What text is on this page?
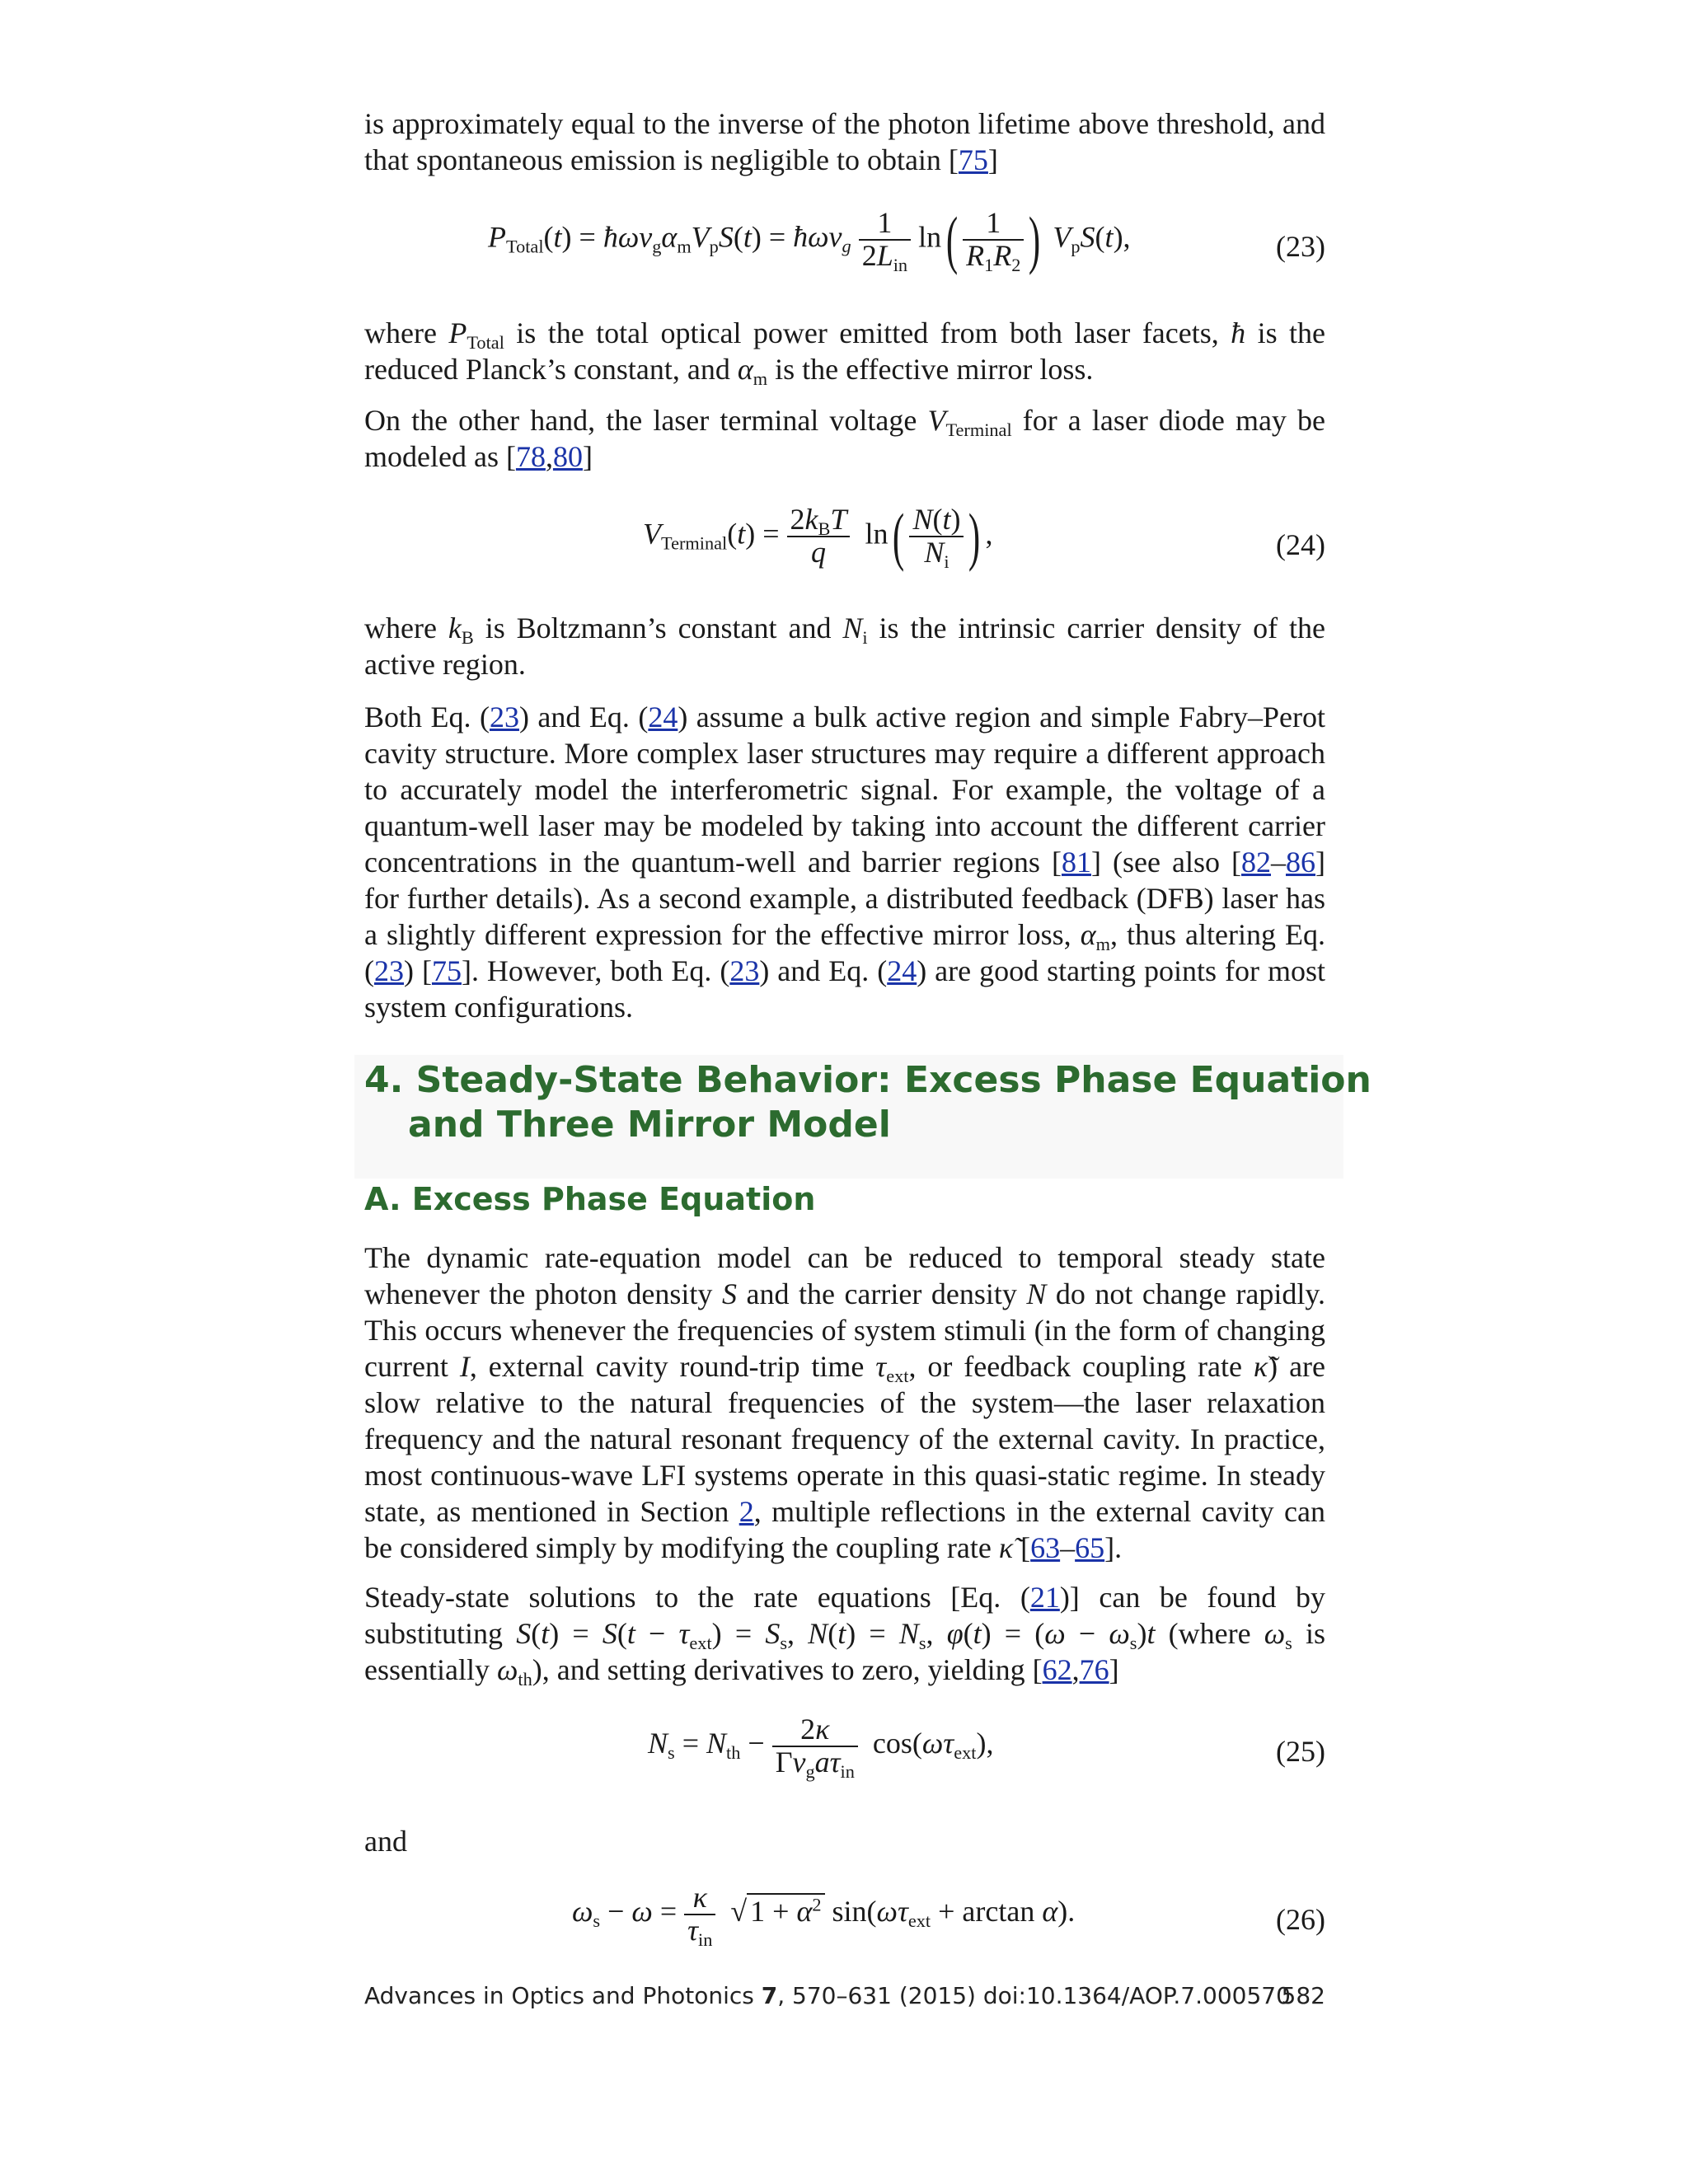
is approximately equal to the inverse of the photon lifetime above threshold, and that spontaneous emission is negligible to obtain [75]

$P_{Total}(t)$ = $ħ\omega v_g\alpha_mV_pS(t)$ = ħωv$_g$ $\frac{1}{2L_{in}} \ln( \frac{1}{R_1R_2}$ ) $V_pS(t)$,	(23)

where $P_{Total}$ is the total optical power emitted from both laser facets, ħ is the reduced Planck’s constant, and $\alpha_m$ is the effective mirror loss.

On the other hand, the laser terminal voltage $V_{Terminal}$ for a laser diode may be modeled as [78,80]

$V_{Terminal}(t) = \frac{2k_BT}{q} \ln( \frac{N(t)}{N_i}$ ) ,	(24)

where $k_B$ is Boltzmann’s constant and $N_i$ is the intrinsic carrier density of the active region.

Both Eq. (23) and Eq. (24) assume a bulk active region and simple Fabry–Perot cavity structure. More complex laser structures may require a different approach to accurately model the interferometric signal. For example, the voltage of a quantum-well laser may be modeled by taking into account the different carrier concentrations in the quantum-well and barrier regions [81] (see also [82–86] for further details). As a second example, a distributed feedback (DFB) laser has a slightly different expression for the effective mirror loss, $\alpha_m$, thus altering Eq. (23) [75]. However, both Eq. (23) and Eq. (24) are good starting points for most system configurations.

4. Steady-State Behavior: Excess Phase Equation
and Three Mirror Model
A. Excess Phase Equation

The dynamic rate-equation model can be reduced to temporal steady state whenever the photon density S and the carrier density N do not change rapidly. This occurs whenever the frequencies of system stimuli (in the form of changing current I, external cavity round-trip time $\tau_{ext}$, or feedback coupling rate κ̃) are slow relative to the natural frequencies of the system—the laser relaxation frequency and the natural resonant frequency of the external cavity. In practice, most continuous-wave LFI systems operate in this quasi-static regime. In steady state, as mentioned in Section 2, multiple reflections in the external cavity can be considered simply by modifying the coupling rate κ̃ [63–65].

Steady-state solutions to the rate equations [Eq. (21)] can be found by substituting $S(t) = S(t - \tau_{ext}) = S_s$, $N(t) = N_s$, $\varphi(t) = (\omega - \omega_s)t$ (where $\omega_s$ is essentially $\omega_{th}$), and setting derivatives to zero, yielding [62,76]

$N_s = N_{th} - \frac{2\kappa}{\Gamma v_ga\tau_{in}} \cos(\omega\tau_{ext})$,	(25)

and

$\omega_s - \omega = \frac{\kappa}{\tau_{in}}$ √ $1 + \alpha^2$ $\sin(\omega\tau_{ext} + \arctan \alpha)$.	(26)
Advances in Optics and Photonics 7, 570–631 (2015) doi:10.1364/AOP.7.000570
582
